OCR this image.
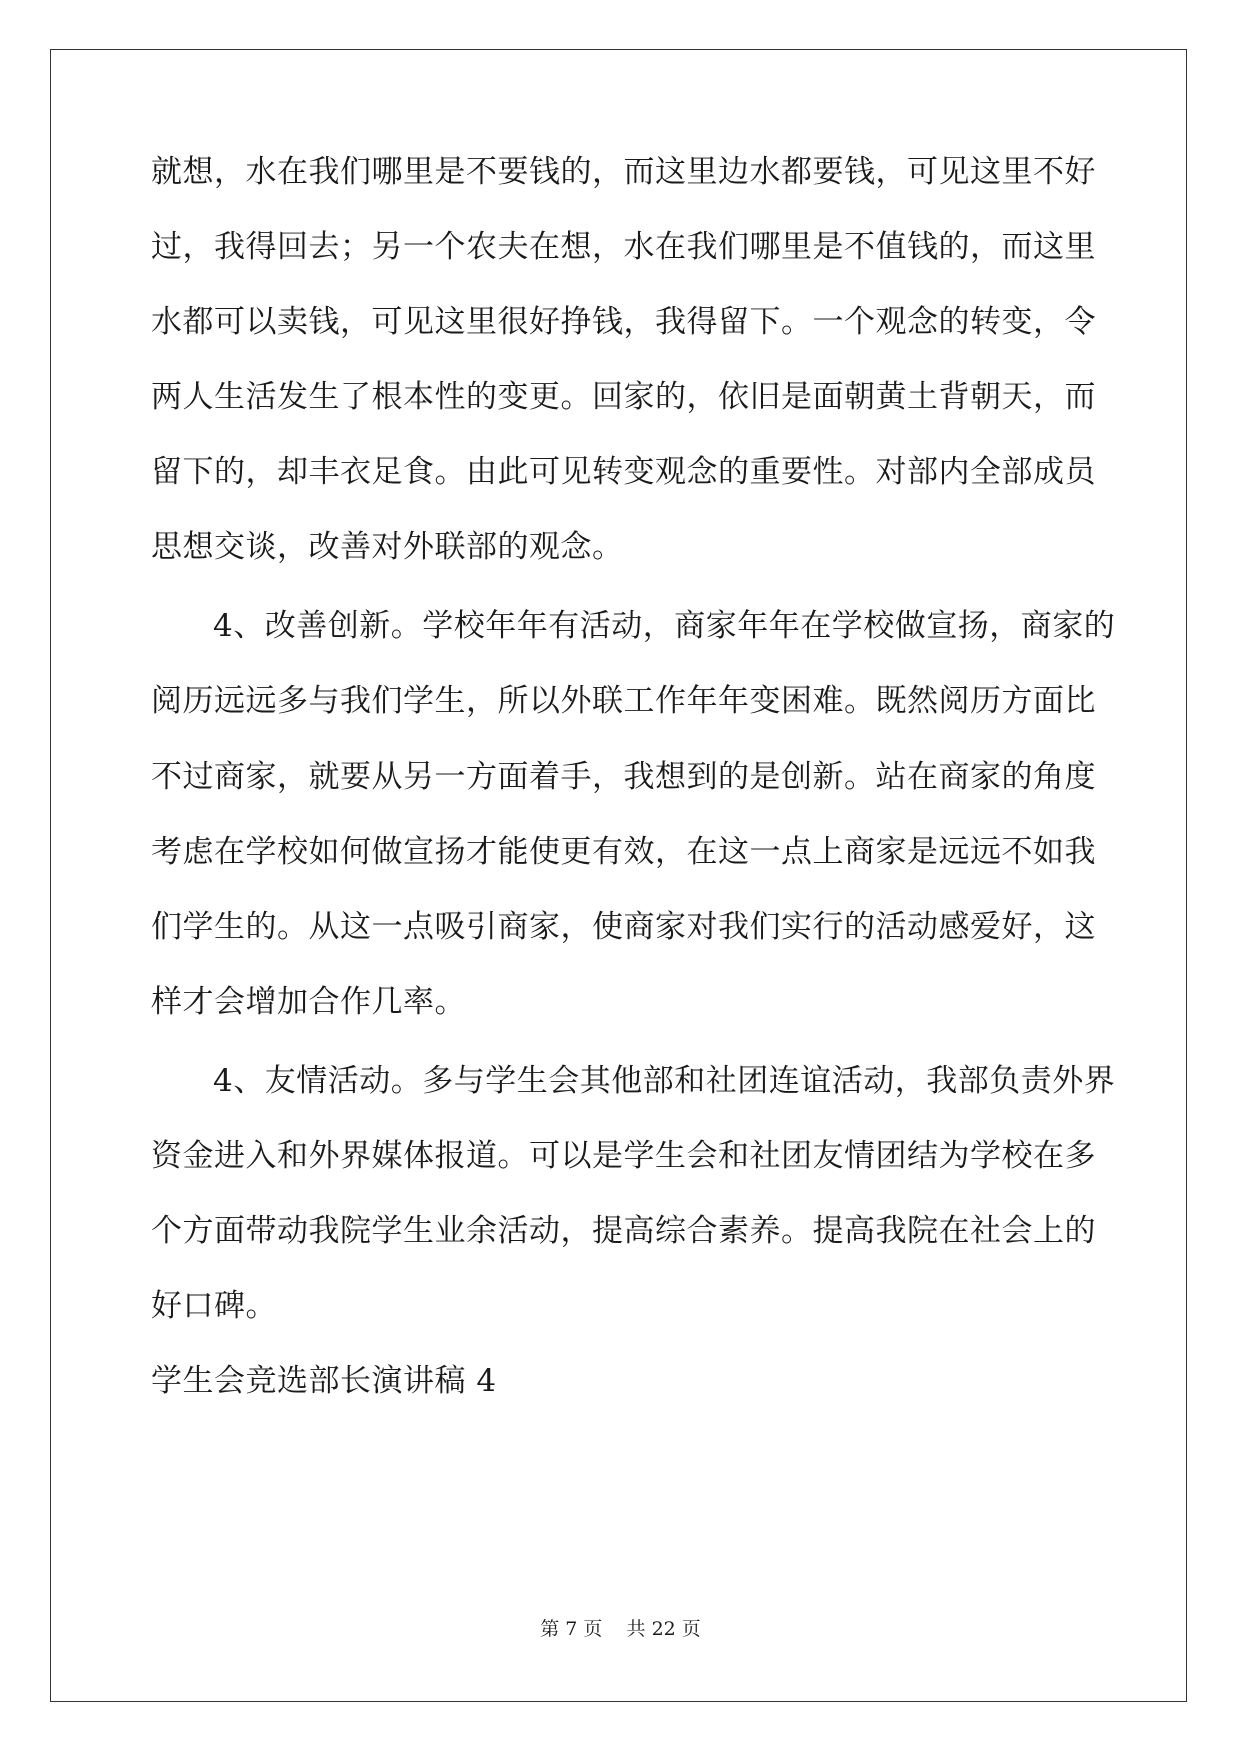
就想，水在我们哪里是不要钱的，而这里边水都要钱，可见这里不好
过，我得回去；另一个农夫在想，水在我们哪里是不值钱的，而这里
水都可以卖钱，可见这里很好挣钱，我得留下。一个观念的转变，令
两人生活发生了根本性的变更。回家的，依旧是面朝黄土背朝天，而
留下的，却丰衣足食。由此可见转变观念的重要性。对部内全部成员
思想交谈，改善对外联部的观念。
4、改善创新。学校年年有活动，商家年年在学校做宣扬，商家的
阅历远远多与我们学生，所以外联工作年年变困难。既然阅历方面比
不过商家，就要从另一方面着手，我想到的是创新。站在商家的角度
考虑在学校如何做宣扬才能使更有效，在这一点上商家是远远不如我
们学生的。从这一点吸引商家，使商家对我们实行的活动感爱好，这
样才会增加合作几率。
4、友情活动。多与学生会其他部和社团连谊活动，我部负责外界
资金进入和外界媒体报道。可以是学生会和社团友情团结为学校在多
个方面带动我院学生业余活动，提高综合素养。提高我院在社会上的
好口碑。
学生会竞选部长演讲稿 4
第 7 页    共 22 页
